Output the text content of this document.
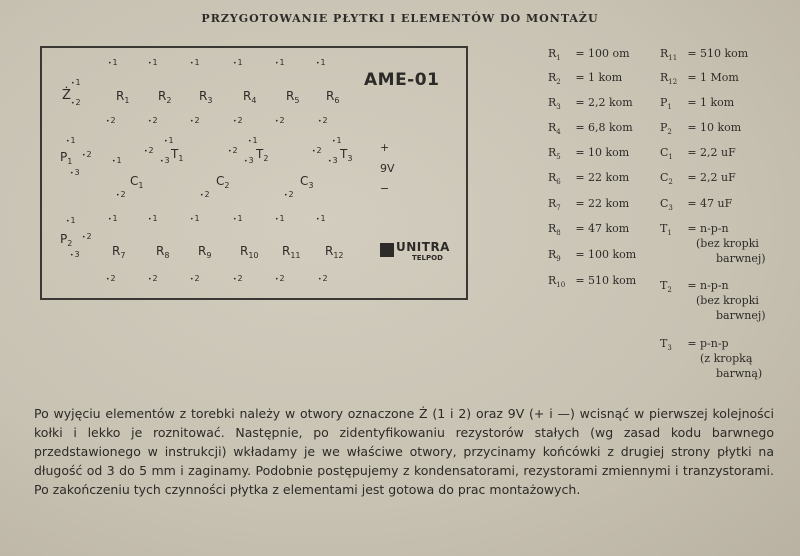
PRZYGOTOWANIE PŁYTKI I ELEMENTÓW DO MONTAŻU
AME-01
Ż
• 1
• 2	$R_1$ $R_2$ $R_3$	$R_4$ $R_5$ $R_6$
• 1	• 1	• 1	• 1	• 1	• 1
• 2	• 2	• 2	• 2	• 2	• 2
$P_1$
• 1
• 2
• 3
$C_1$	$C_2$	$C_3$
• 1
• 2	• 2	• 2
$T_1$	$T_2$	$T_3$
• 2
• 1
• 3
• 2
• 1
• 3
• 2
• 1
• 3
+
9V
−
$P_2$
• 1
• 2
• 3	$R_7$	$R_8$ $R_9$ $R_{10}$ $R_{11}$ $R_{12}$
• 1	• 1	• 1	• 1	• 1	• 1
• 2	• 2	• 2	• 2	• 2	• 2
UNITRA
TELPOD
$R_1 = 100$ om
$R_2 = 1$ kom
$R_3 = 2,2$ kom
$R_4 = 6,8$ kom
$R_5 = 10$ kom
$R_6 = 22$ kom
$R_7 = 22$ kom
$R_8 = 47$ kom
$R_9 = 100$ kom
$R_{10} = 510$ kom
$R_{11} = 510$ kom
$R_{12} = 1$ Mom
$P_1 = 1$ kom
$P_2 = 10$ kom
$C_1 = 2,2$ uF
$C_2 = 2,2$ uF
$C_3 = 47$ uF
$T_1 = n-p-n$
(bez kropki
barwnej)
$T_2 = n-p-n$
(bez kropki
barwnej)
$T_3 = p-n-p$
(z kropką
barwną)
Po wyjęciu elementów z torebki należy w otwory oznaczone Ż (1 i 2) oraz 9V (+ i —) wcisnąć w pierwszej kolejności kołki i lekko je roznitować. Następnie, po zidentyfikowaniu rezystorów stałych (wg zasad kodu barwnego przedstawionego w instrukcji) wkładamy je we właściwe otwory, przycinamy końcówki z drugiej strony płytki na długość od 3 do 5 mm i zaginamy. Podobnie postępujemy z kondensatorami, rezystorami zmiennymi i tranzystorami. Po zakończeniu tych czynności płytka z elementami jest gotowa do prac montażowych.
